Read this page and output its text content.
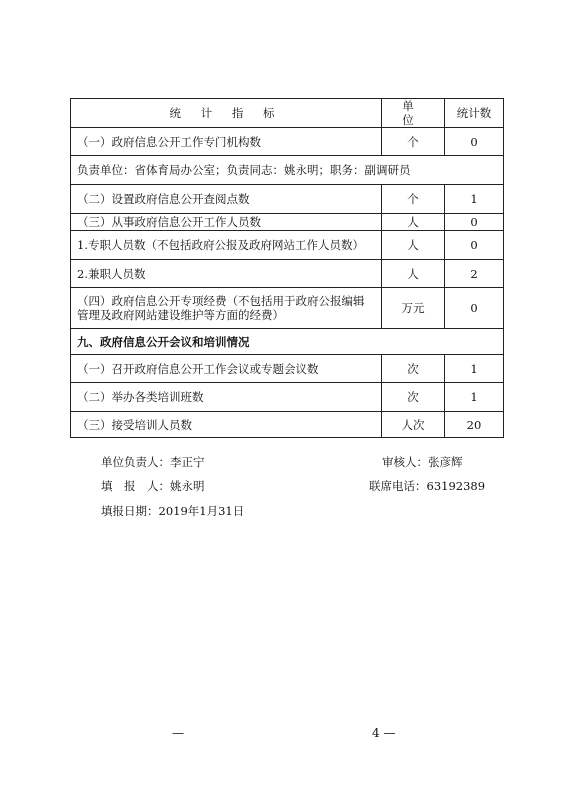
统 计 指 标	单 位	统计数
（一）政府信息公开工作专门机构数	个	0
负责单位：省体育局办公室；负责同志：姚永明；职务：副调研员		
（二）设置政府信息公开查阅点数	个	1
（三）从事政府信息公开工作人员数	人	0
1.专职人员数（不包括政府公报及政府网站工作人员数）	人	0
2.兼职人员数	人	2
（四）政府信息公开专项经费（不包括用于政府公报编辑管理及政府网站建设维护等方面的经费）	万元	0
九、政府信息公开会议和培训情况		
（一）召开政府信息公开工作会议或专题会议数	次	1
（二）举办各类培训班数	次	1
（三）接受培训人员数	人次	20
单位负责人：李正宁	审核人：张彦辉
填　报　人：姚永明	联席电话：63192389
填报日期：2019年1月31日
—	4 —
